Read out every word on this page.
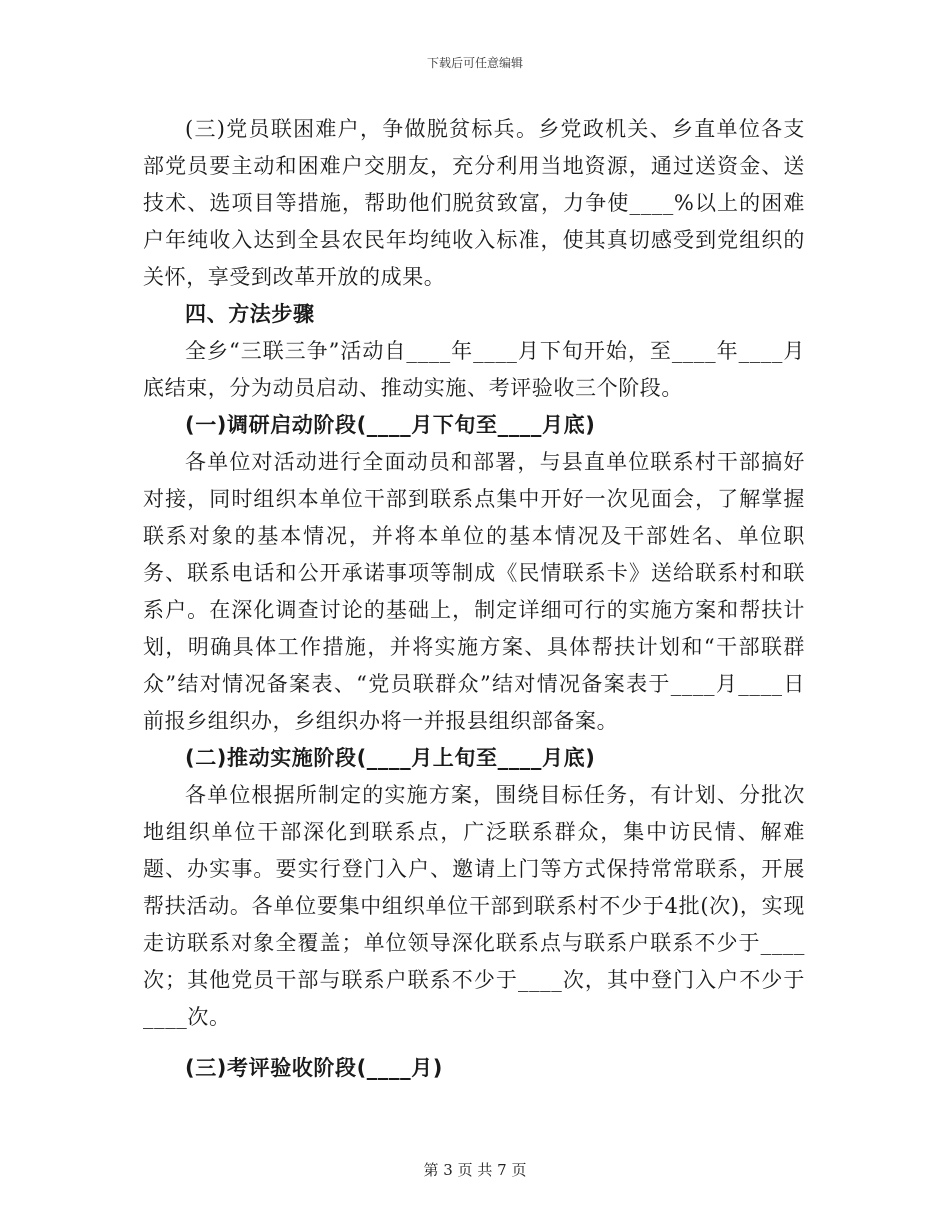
下载后可任意编辑

(三)党员联困难户，争做脱贫标兵。乡党政机关、乡直单位各支部党员要主动和困难户交朋友，充分利用当地资源，通过送资金、送技术、选项目等措施，帮助他们脱贫致富，力争使____%以上的困难户年纯收入达到全县农民年均纯收入标准，使其真切感受到党组织的关怀，享受到改革开放的成果。

四、方法步骤

全乡“三联三争”活动自____年____月下旬开始，至____年____月底结束，分为动员启动、推动实施、考评验收三个阶段。

(一)调研启动阶段(____月下旬至____月底)

各单位对活动进行全面动员和部署，与县直单位联系村干部搞好对接，同时组织本单位干部到联系点集中开好一次见面会，了解掌握联系对象的基本情况，并将本单位的基本情况及干部姓名、单位职务、联系电话和公开承诺事项等制成《民情联系卡》送给联系村和联系户。在深化调查讨论的基础上，制定详细可行的实施方案和帮扶计划，明确具体工作措施，并将实施方案、具体帮扶计划和“干部联群众”结对情况备案表、“党员联群众”结对情况备案表于____月____日前报乡组织办，乡组织办将一并报县组织部备案。

(二)推动实施阶段(____月上旬至____月底)

各单位根据所制定的实施方案，围绕目标任务，有计划、分批次地组织单位干部深化到联系点，广泛联系群众，集中访民情、解难题、办实事。要实行登门入户、邀请上门等方式保持常常联系，开展帮扶活动。各单位要集中组织单位干部到联系村不少于4批(次)，实现走访联系对象全覆盖；单位领导深化联系点与联系户联系不少于____次；其他党员干部与联系户联系不少于____次，其中登门入户不少于____次。

(三)考评验收阶段(____月)

第 3 页 共 7 页
